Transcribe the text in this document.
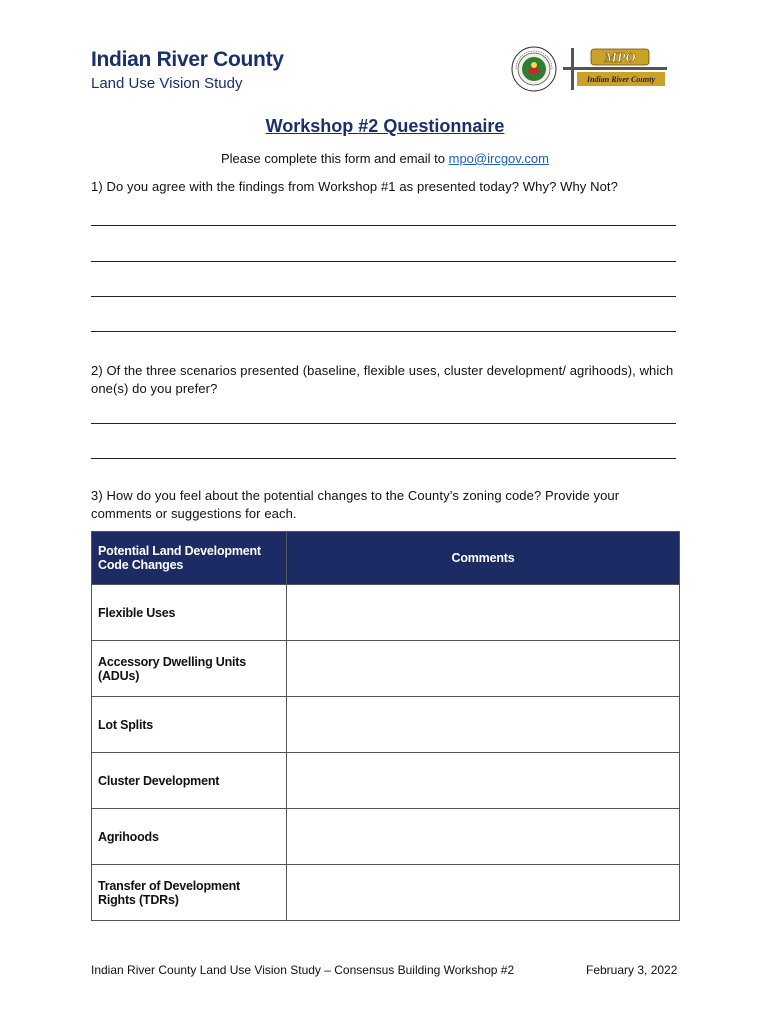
Indian River County
Land Use Vision Study
MPO
Indian River County
Workshop #2 Questionnaire
Please complete this form and email to mpo@ircgov.com
1) Do you agree with the findings from Workshop #1 as presented today? Why? Why Not?
2) Of the three scenarios presented (baseline, flexible uses, cluster development/ agrihoods), which one(s) do you prefer?
3) How do you feel about the potential changes to the County’s zoning code? Provide your comments or suggestions for each.
Potential Land Development Code Changes	Comments
Flexible Uses	
Accessory Dwelling Units (ADUs)	
Lot Splits	
Cluster Development	
Agrihoods	
Transfer of Development Rights (TDRs)	
Indian River County Land Use Vision Study – Consensus Building Workshop #2	February 3, 2022
